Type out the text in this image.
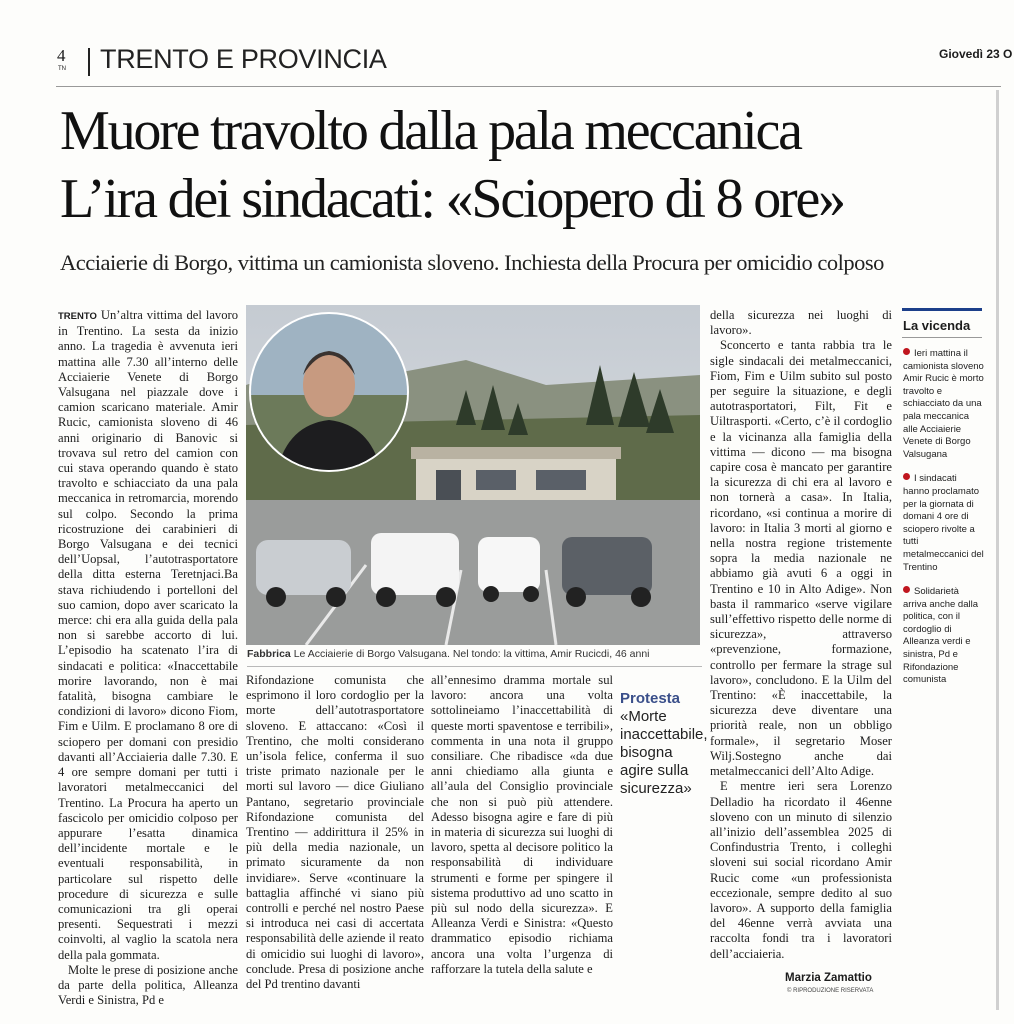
4
TN TRENTO E PROVINCIA	Giovedì 23 O
Muore travolto dalla pala meccanica
L’ira dei sindacati: «Sciopero di 8 ore»
Acciaierie di Borgo, vittima un camionista sloveno. Inchiesta della Procura per omicidio colposo

TRENTO Un’altra vittima del lavoro in Trentino. La sesta da inizio anno. La tragedia è avvenuta ieri mattina alle 7.30 all’interno delle Acciaierie Venete di Borgo Valsugana nel piazzale dove i camion scaricano materiale. Amir Rucic, camionista sloveno di 46 anni originario di Banovic si trovava sul retro del camion con cui stava operando quando è stato travolto e schiacciato da una pala meccanica in retromarcia, morendo sul colpo. Secondo la prima ricostruzione dei carabinieri di Borgo Valsugana e dei tecnici dell’Uopsal, l’autotrasportatore della ditta esterna Teretnjaci.Ba stava richiudendo i portelloni del suo camion, dopo aver scaricato la merce: chi era alla guida della pala non si sarebbe accorto di lui. L’episodio ha scatenato l’ira di sindacati e politica: «Inaccettabile morire lavorando, non è mai fatalità, bisogna cambiare le condizioni di lavoro» dicono Fiom, Fim e Uilm. E proclamano 8 ore di sciopero per domani con presidio davanti all’Acciaieria dalle 7.30. E 4 ore sempre domani per tutti i lavoratori metalmeccanici del Trentino. La Procura ha aperto un fascicolo per omicidio colposo per appurare l’esatta dinamica dell’incidente mortale e le eventuali responsabilità, in particolare sul rispetto delle procedure di sicurezza e sulle comunicazioni tra gli operai presenti. Sequestrati i mezzi coinvolti, al vaglio la scatola nera della pala gommata.

Molte le prese di posizione anche da parte della politica, Alleanza Verdi e Sinistra, Pd e

Fabbrica Le Acciaierie di Borgo Valsugana. Nel tondo: la vittima, Amir Rucicdi, 46 anni
Rifondazione comunista che esprimono il loro cordoglio per la morte dell’autotrasportatore sloveno. E attaccano: «Così il Trentino, che molti considerano un’isola felice, conferma il suo triste primato nazionale per le morti sul lavoro — dice Giuliano Pantano, segretario provinciale Rifondazione comunista del Trentino — addirittura il 25% in più della media nazionale, un primato sicuramente da non invidiare». Serve «continuare la battaglia affinché vi siano più controlli e perché nel nostro Paese si introduca nei casi di accertata responsabilità delle aziende il reato di omicidio sui luoghi di lavoro», conclude. Presa di posizione anche del Pd trentino davanti
all’ennesimo dramma mortale sul lavoro: ancora una volta sottolineiamo l’inaccettabilità di queste morti spaventose e terribili», commenta in una nota il gruppo consiliare. Che ribadisce «da due anni chiediamo alla giunta e all’aula del Consiglio provinciale che non si può più attendere. Adesso bisogna agire e fare di più in materia di sicurezza sui luoghi di lavoro, spetta al decisore politico la responsabilità di individuare strumenti e forme per spingere il sistema produttivo ad uno scatto in più sul nodo della sicurezza». E Alleanza Verdi e Sinistra: «Questo drammatico episodio richiama ancora una volta l’urgenza di rafforzare la tutela della salute e
Protesta
«Morte inaccettabile, bisogna agire sulla sicurezza»

della sicurezza nei luoghi di lavoro».

Sconcerto e tanta rabbia tra le sigle sindacali dei metalmeccanici, Fiom, Fim e Uilm subito sul posto per seguire la situazione, e degli autotrasportatori, Filt, Fit e Uiltrasporti. «Certo, c’è il cordoglio e la vicinanza alla famiglia della vittima — dicono — ma bisogna capire cosa è mancato per garantire la sicurezza di chi era al lavoro e non tornerà a casa». In Italia, ricordano, «si continua a morire di lavoro: in Italia 3 morti al giorno e nella nostra regione tristemente sopra la media nazionale ne abbiamo già avuti 6 a oggi in Trentino e 10 in Alto Adige». Non basta il rammarico «serve vigilare sull’effettivo rispetto delle norme di sicurezza», attraverso «prevenzione, formazione, controllo per fermare la strage sul lavoro», concludono. E la Uilm del Trentino: «È inaccettabile, la sicurezza deve diventare una priorità reale, non un obbligo formale», il segretario Moser Wilj.Sostegno anche dai metalmeccanici dell’Alto Adige.

E mentre ieri sera Lorenzo Delladio ha ricordato il 46enne sloveno con un minuto di silenzio all’inizio dell’assemblea 2025 di Confindustria Trento, i colleghi sloveni sui social ricordano Amir Rucic come «un professionista eccezionale, sempre dedito al suo lavoro». A supporto della famiglia del 46enne verrà avviata una raccolta fondi tra i lavoratori dell’acciaieria.

Marzia Zamattio
© RIPRODUZIONE RISERVATA
La vicenda
Ieri mattina il camionista sloveno Amir Rucic è morto travolto e schiacciato da una pala meccanica alle Acciaierie Venete di Borgo Valsugana
I sindacati hanno proclamato per la giornata di domani 4 ore di sciopero rivolte a tutti metalmeccanici del Trentino
Solidarietà arriva anche dalla politica, con il cordoglio di Alleanza verdi e sinistra, Pd e Rifondazione comunista
